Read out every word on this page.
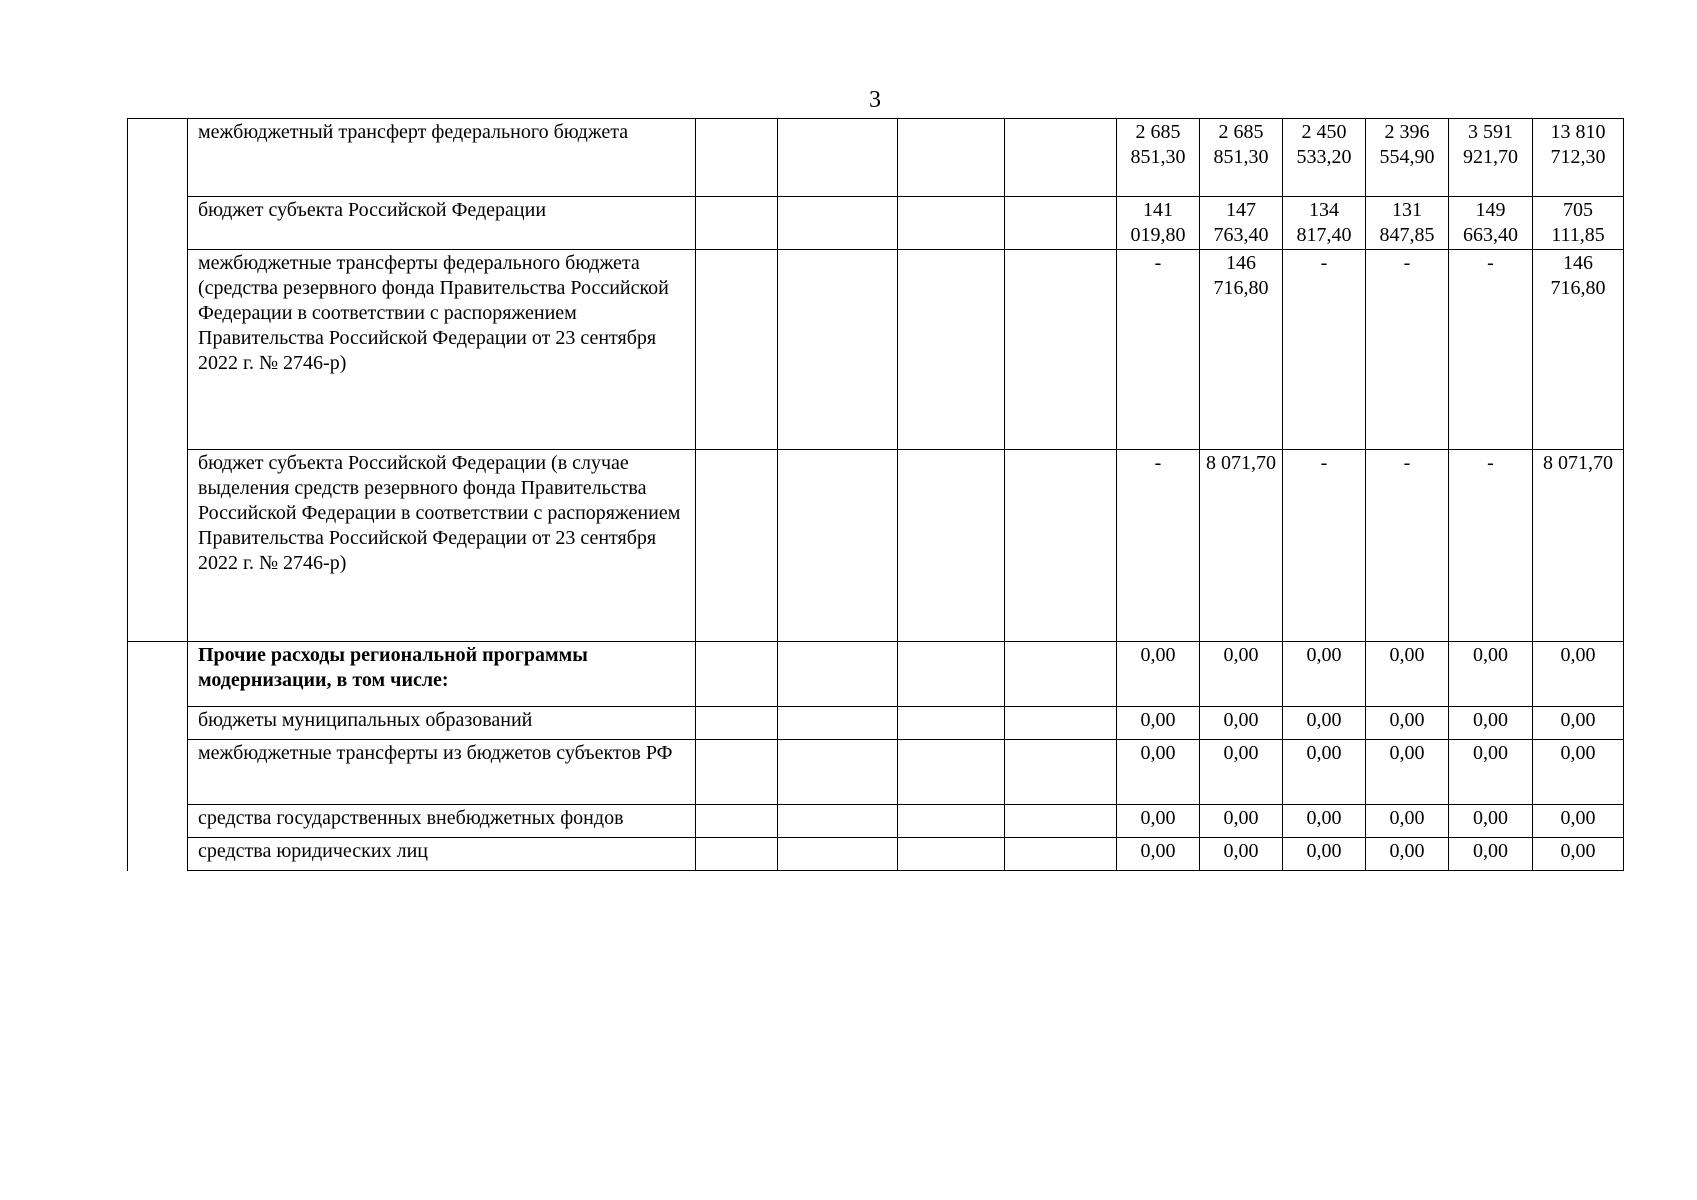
3
	межбюджетный трансферт федерального бюджета					2 685 851,30	2 685 851,30	2 450 533,20	2 396 554,90	3 591 921,70	13 810 712,30
	бюджет субъекта Российской Федерации					141 019,80	147 763,40	134 817,40	131 847,85	149 663,40	705 111,85
	межбюджетные трансферты федерального бюджета (средства резервного фонда Правительства Российской Федерации в соответствии с распоряжением Правительства Российской Федерации от 23 сентября 2022 г. № 2746-р)					-	146 716,80	-	-	-	146 716,80
	бюджет субъекта Российской Федерации (в случае выделения средств резервного фонда Правительства Российской Федерации в соответствии с распоряжением Правительства Российской Федерации от 23 сентября 2022 г. № 2746-р)					-	8 071,70	-	-	-	8 071,70
	Прочие расходы региональной программы модернизации, в том числе:					0,00	0,00	0,00	0,00	0,00	0,00
	бюджеты муниципальных образований					0,00	0,00	0,00	0,00	0,00	0,00
	межбюджетные трансферты из бюджетов субъектов РФ					0,00	0,00	0,00	0,00	0,00	0,00
	средства государственных внебюджетных фондов					0,00	0,00	0,00	0,00	0,00	0,00
	средства юридических лиц					0,00	0,00	0,00	0,00	0,00	0,00
